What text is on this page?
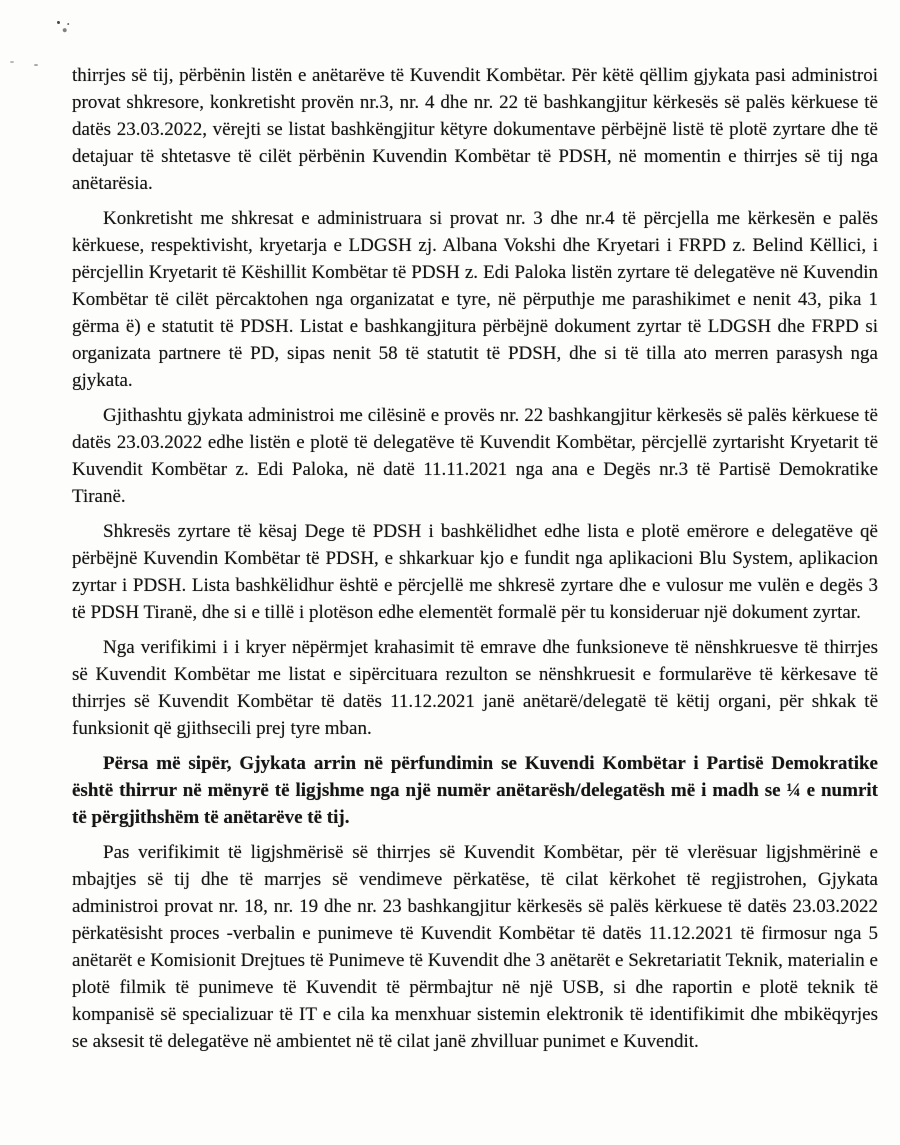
thirrjes së tij, përbënin listën e anëtarëve të Kuvendit Kombëtar. Për këtë qëllim gjykata pasi administroi provat shkresore, konkretisht provën nr.3, nr. 4 dhe nr. 22 të bashkangjitur kërkesës së palës kërkuese të datës 23.03.2022, vërejti se listat bashkëngjitur këtyre dokumentave përbëjnë listë të plotë zyrtare dhe të detajuar të shtetasve të cilët përbënin Kuvendin Kombëtar të PDSH, në momentin e thirrjes së tij nga anëtarësia.

Konkretisht me shkresat e administruara si provat nr. 3 dhe nr.4 të përcjella me kërkesën e palës kërkuese, respektivisht, kryetarja e LDGSH zj. Albana Vokshi dhe Kryetari i FRPD z. Belind Këllici, i përcjellin Kryetarit të Këshillit Kombëtar të PDSH z. Edi Paloka listën zyrtare të delegatëve në Kuvendin Kombëtar të cilët përcaktohen nga organizatat e tyre, në përputhje me parashikimet e nenit 43, pika 1 gërma ë) e statutit të PDSH. Listat e bashkangjitura përbëjnë dokument zyrtar të LDGSH dhe FRPD si organizata partnere të PD, sipas nenit 58 të statutit të PDSH, dhe si të tilla ato merren parasysh nga gjykata.

Gjithashtu gjykata administroi me cilësinë e provës nr. 22 bashkangjitur kërkesës së palës kërkuese të datës 23.03.2022 edhe listën e plotë të delegatëve të Kuvendit Kombëtar, përcjellë zyrtarisht Kryetarit të Kuvendit Kombëtar z. Edi Paloka, në datë 11.11.2021 nga ana e Degës nr.3 të Partisë Demokratike Tiranë.

Shkresës zyrtare të kësaj Dege të PDSH i bashkëlidhet edhe lista e plotë emërore e delegatëve që përbëjnë Kuvendin Kombëtar të PDSH, e shkarkuar kjo e fundit nga aplikacioni Blu System, aplikacion zyrtar i PDSH. Lista bashkëlidhur është e përcjellë me shkresë zyrtare dhe e vulosur me vulën e degës 3 të PDSH Tiranë, dhe si e tillë i plotëson edhe elementët formalë për tu konsideruar një dokument zyrtar.

Nga verifikimi i i kryer nëpërmjet krahasimit të emrave dhe funksioneve të nënshkruesve të thirrjes së Kuvendit Kombëtar me listat e sipërcituara rezulton se nënshkruesit e formularëve të kërkesave të thirrjes së Kuvendit Kombëtar të datës 11.12.2021 janë anëtarë/delegatë të këtij organi, për shkak të funksionit që gjithsecili prej tyre mban.

Përsa më sipër, Gjykata arrin në përfundimin se Kuvendi Kombëtar i Partisë Demokratike është thirrur në mënyrë të ligjshme nga një numër anëtarësh/delegatësh më i madh se ¼ e numrit të përgjithshëm të anëtarëve të tij.

Pas verifikimit të ligjshmërisë së thirrjes së Kuvendit Kombëtar, për të vlerësuar ligjshmërinë e mbajtjes së tij dhe të marrjes së vendimeve përkatëse, të cilat kërkohet të regjistrohen, Gjykata administroi provat nr. 18, nr. 19 dhe nr. 23 bashkangjitur kërkesës së palës kërkuese të datës 23.03.2022 përkatësisht proces -verbalin e punimeve të Kuvendit Kombëtar të datës 11.12.2021 të firmosur nga 5 anëtarët e Komisionit Drejtues të Punimeve të Kuvendit dhe 3 anëtarët e Sekretariatit Teknik, materialin e plotë filmik të punimeve të Kuvendit të përmbajtur në një USB, si dhe raportin e plotë teknik të kompanisë së specializuar të IT e cila ka menxhuar sistemin elektronik të identifikimit dhe mbikëqyrjes se aksesit të delegatëve në ambientet në të cilat janë zhvilluar punimet e Kuvendit.
